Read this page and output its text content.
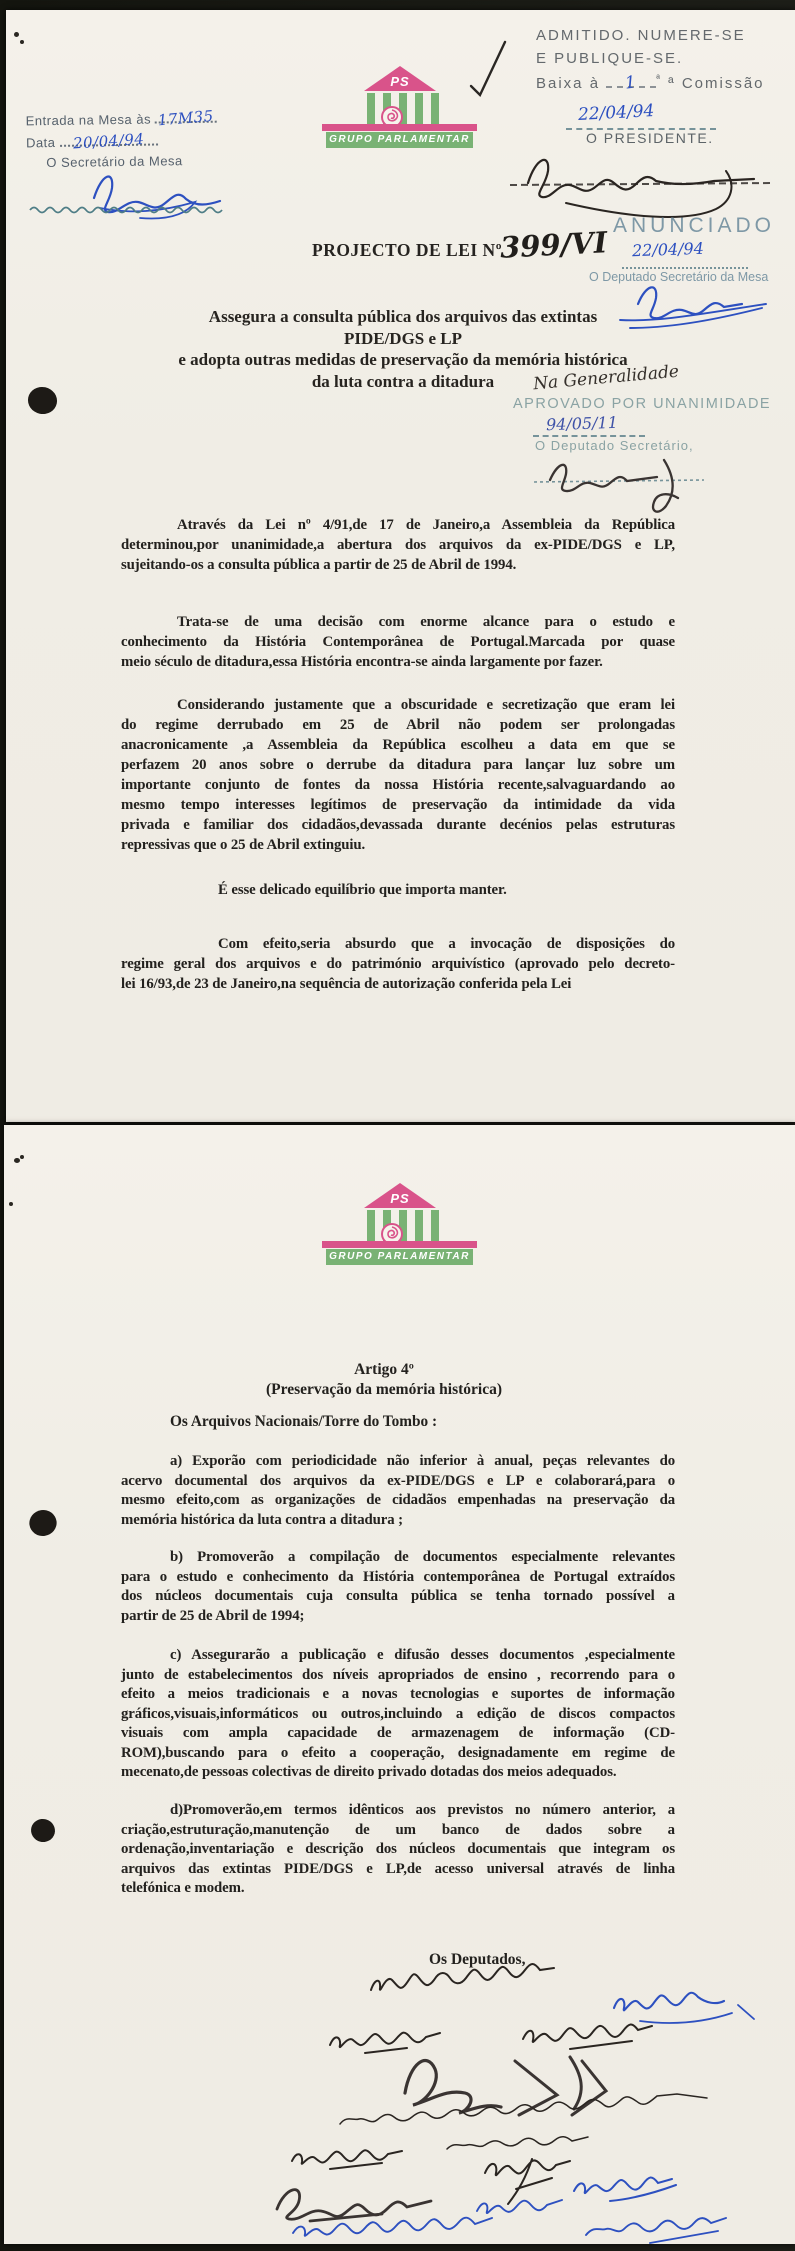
Entrada na Mesa às 17M35
Data 20/04/94
O Secretário da Mesa
PS
GRUPO PARLAMENTAR
ADMITIDO. NUMERE-SE
E PUBLIQUE-SE.
Baixa à 1 $^ª$ ª Comissão
22/04/94
O PRESIDENTE.
ANUNCIADO
PROJECTO DE LEI Nº
399/VI 22/04/94
O Deputado Secretário da Mesa
Assegura a consulta pública dos arquivos das extintas
PIDE/DGS e LP
e adopta outras medidas de preservação da memória histórica
da luta contra a ditadura	Na Generalidade
APROVADO POR UNANIMIDADE
94/05/11
O Deputado Secretário,
Através da Lei nº 4/91,de 17 de Janeiro,a Assembleia da República
determinou,por unanimidade,a abertura dos arquivos da ex-PIDE/DGS e LP,
sujeitando-os a consulta pública a partir de 25 de Abril de 1994.
Trata-se de uma decisão com enorme alcance para o estudo e
conhecimento da História Contemporânea de Portugal.Marcada por quase
meio século de ditadura,essa História encontra-se ainda largamente por fazer.
Considerando justamente que a obscuridade e secretização que eram lei
do regime derrubado em 25 de Abril não podem ser prolongadas
anacronicamente ,a Assembleia da República escolheu a data em que se
perfazem 20 anos sobre o derrube da ditadura para lançar luz sobre um
importante conjunto de fontes da nossa História recente,salvaguardando ao
mesmo tempo interesses legítimos de preservação da intimidade da vida
privada e familiar dos cidadãos,devassada durante decénios pelas estruturas
repressivas que o 25 de Abril extinguiu.
É esse delicado equilíbrio que importa manter.
Com efeito,seria absurdo que a invocação de disposições do
regime geral dos arquivos e do património arquivístico (aprovado pelo decreto-
lei 16/93,de 23 de Janeiro,na sequência de autorização conferida pela Lei
PS
GRUPO PARLAMENTAR
Artigo 4º
(Preservação da memória histórica)
Os Arquivos Nacionais/Torre do Tombo :
a) Exporão com periodicidade não inferior à anual, peças relevantes do
acervo documental dos arquivos da ex-PIDE/DGS e LP e colaborará,para o
mesmo efeito,com as organizações de cidadãos empenhadas na preservação da
memória histórica da luta contra a ditadura ;
b) Promoverão a compilação de documentos especialmente relevantes
para o estudo e conhecimento da História contemporânea de Portugal extraídos
dos núcleos documentais cuja consulta pública se tenha tornado possível a
partir de 25 de Abril de 1994;
c) Assegurarão a publicação e difusão desses documentos ,especialmente
junto de estabelecimentos dos níveis apropriados de ensino , recorrendo para o
efeito a meios tradicionais e a novas tecnologias e suportes de informação
gráficos,visuais,informáticos ou outros,incluindo a edição de discos compactos
visuais com ampla capacidade de armazenagem de informação (CD-
ROM),buscando para o efeito a cooperação, designadamente em regime de
mecenato,de pessoas colectivas de direito privado dotadas dos meios adequados.
d)Promoverão,em termos idênticos aos previstos no número anterior, a
criação,estruturação,manutenção de um banco de dados sobre a
ordenação,inventariação e descrição dos núcleos documentais que integram os
arquivos das extintas PIDE/DGS e LP,de acesso universal através de linha
telefónica e modem.
Os Deputados,
